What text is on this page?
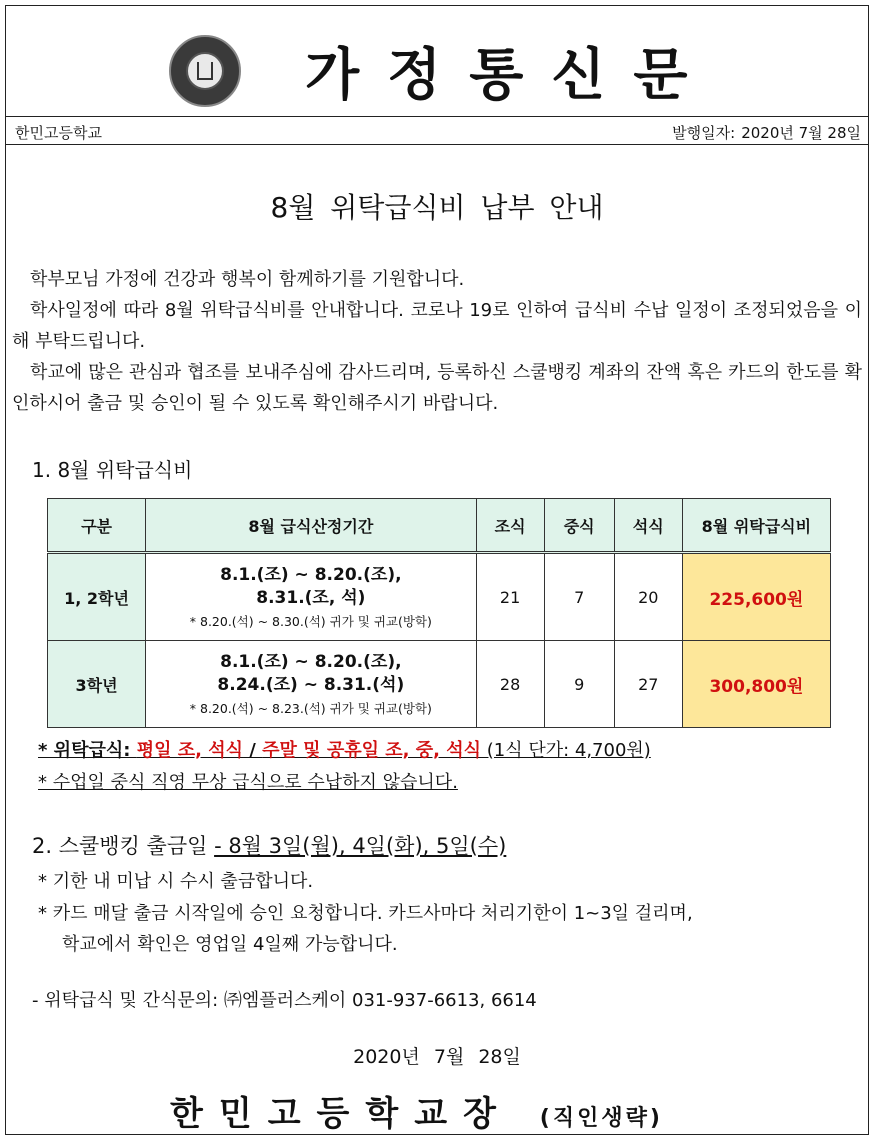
가정통신문
한민고등학교	발행일자: 2020년 7월 28일
8월 위탁급식비 납부 안내
학부모님 가정에 건강과 행복이 함께하기를 기원합니다.
학사일정에 따라 8월 위탁급식비를 안내합니다. 코로나 19로 인하여 급식비 수납 일정이 조정되었음을 이해 부탁드립니다.
학교에 많은 관심과 협조를 보내주심에 감사드리며, 등록하신 스쿨뱅킹 계좌의 잔액 혹은 카드의 한도를 확인하시어 출금 및 승인이 될 수 있도록 확인해주시기 바랍니다.
1. 8월 위탁급식비
구분	8월 급식산정기간	조식	중식	석식	8월 위탁급식비
1, 2학년	8.1.(조) ~ 8.20.(조),
8.31.(조, 석)
* 8.20.(석) ~ 8.30.(석) 귀가 및 귀교(방학)	21	7	20	225,600원
3학년	8.1.(조) ~ 8.20.(조),
8.24.(조) ~ 8.31.(석)
* 8.20.(석) ~ 8.23.(석) 귀가 및 귀교(방학)	28	9	27	300,800원
* 위탁급식: 평일 조, 석식 / 주말 및 공휴일 조, 중, 석식 (1식 단가: 4,700원)
* 수업일 중식 직영 무상 급식으로 수납하지 않습니다.
2. 스쿨뱅킹 출금일 - 8월 3일(월), 4일(화), 5일(수)
* 기한 내 미납 시 수시 출금합니다.
* 카드 매달 출금 시작일에 승인 요청합니다. 카드사마다 처리기한이 1~3일 걸리며,
학교에서 확인은 영업일 4일째 가능합니다.
- 위탁급식 및 간식문의: ㈜엠플러스케이 031-937-6613, 6614
2020년 7월 28일
한민고등학교장 (직인생략)
